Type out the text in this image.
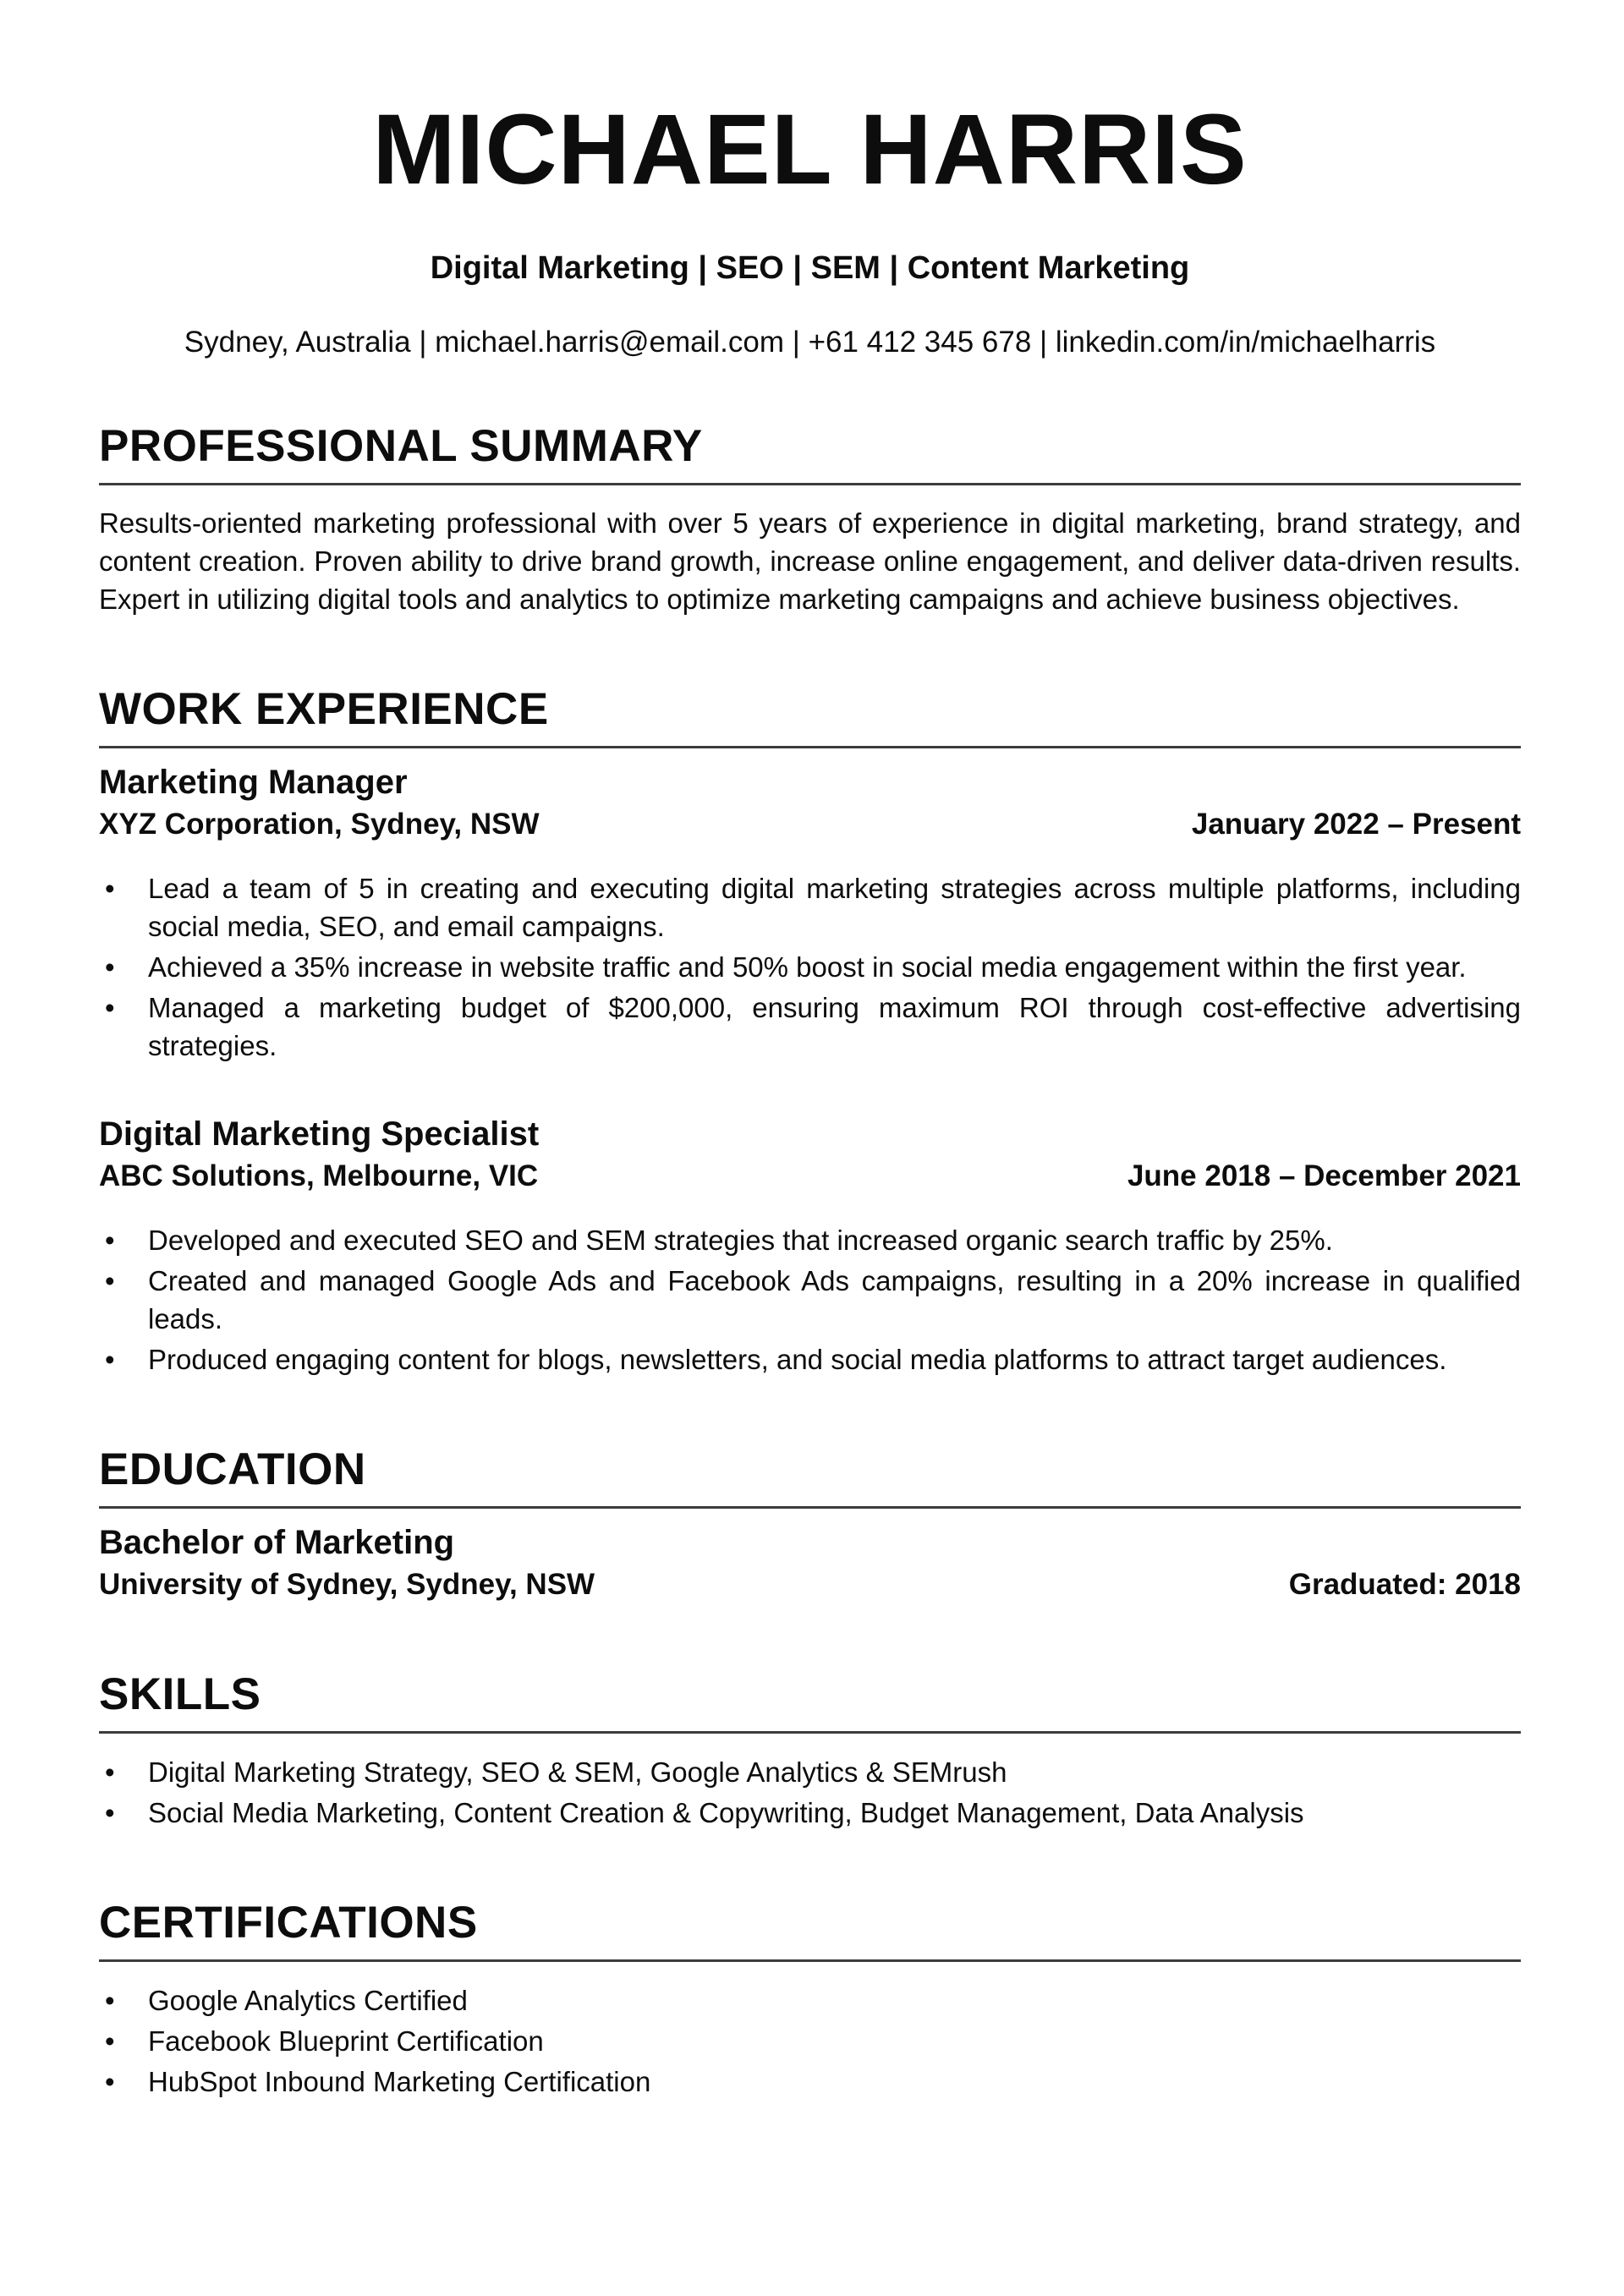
MICHAEL HARRIS
Digital Marketing | SEO | SEM | Content Marketing
Sydney, Australia | michael.harris@email.com | +61 412 345 678 | linkedin.com/in/michaelharris
PROFESSIONAL SUMMARY

Results-oriented marketing professional with over 5 years of experience in digital marketing, brand strategy, and content creation. Proven ability to drive brand growth, increase online engagement, and deliver data-driven results. Expert in utilizing digital tools and analytics to optimize marketing campaigns and achieve business objectives.

WORK EXPERIENCE
Marketing Manager
XYZ Corporation, Sydney, NSW	January 2022 – Present
• Lead a team of 5 in creating and executing digital marketing strategies across multiple platforms, including social media, SEO, and email campaigns.
• Achieved a 35% increase in website traffic and 50% boost in social media engagement within the first year.
• Managed a marketing budget of $200,000, ensuring maximum ROI through cost-effective advertising strategies.
Digital Marketing Specialist
ABC Solutions, Melbourne, VIC	June 2018 – December 2021
• Developed and executed SEO and SEM strategies that increased organic search traffic by 25%.
• Created and managed Google Ads and Facebook Ads campaigns, resulting in a 20% increase in qualified leads.
• Produced engaging content for blogs, newsletters, and social media platforms to attract target audiences.
EDUCATION
Bachelor of Marketing
University of Sydney, Sydney, NSW	Graduated: 2018
SKILLS
• Digital Marketing Strategy, SEO & SEM, Google Analytics & SEMrush
• Social Media Marketing, Content Creation & Copywriting, Budget Management, Data Analysis
CERTIFICATIONS
• Google Analytics Certified
• Facebook Blueprint Certification
• HubSpot Inbound Marketing Certification
